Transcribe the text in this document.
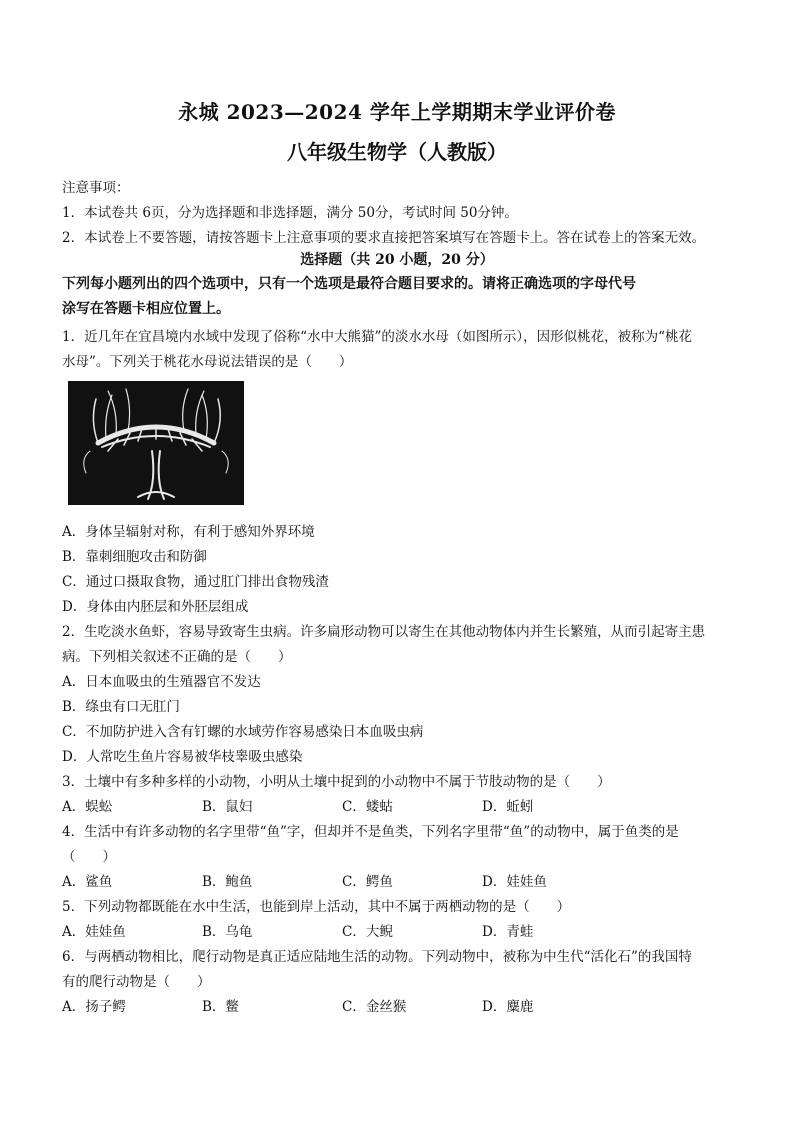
永城 2023—2024 学年上学期期末学业评价卷
八年级生物学（人教版）
注意事项：
1．本试卷共 6页，分为选择题和非选择题，满分 50分，考试时间 50分钟。
2．本试卷上不要答题，请按答题卡上注意事项的要求直接把答案填写在答题卡上。答在试卷上的答案无效。
选择题（共 20 小题，20 分）
下列每小题列出的四个选项中，只有一个选项是最符合题目要求的。请将正确选项的字母代号
涂写在答题卡相应位置上。
1．近几年在宜昌境内水域中发现了俗称“水中大熊猫”的淡水水母（如图所示），因形似桃花，被称为“桃花
水母”。下列关于桃花水母说法错误的是（　　）
A．身体呈辐射对称，有利于感知外界环境
B．靠刺细胞攻击和防御
C．通过口摄取食物，通过肛门排出食物残渣
D．身体由内胚层和外胚层组成
2．生吃淡水鱼虾，容易导致寄生虫病。许多扁形动物可以寄生在其他动物体内并生长繁殖，从而引起寄主患
病。下列相关叙述不正确的是（　　）
A．日本血吸虫的生殖器官不发达
B．绦虫有口无肛门
C．不加防护进入含有钉螺的水域劳作容易感染日本血吸虫病
D．人常吃生鱼片容易被华枝睾吸虫感染
3．土壤中有多种多样的小动物，小明从土壤中捉到的小动物中不属于节肢动物的是（　　）
A．蜈蚣	B．鼠妇	C．蝼蛄	D．蚯蚓
4．生活中有许多动物的名字里带“鱼”字，但却并不是鱼类，下列名字里带“鱼”的动物中，属于鱼类的是
（　　）
A．鲨鱼	B．鲍鱼	C．鳄鱼	D．娃娃鱼
5．下列动物都既能在水中生活，也能到岸上活动，其中不属于两栖动物的是（　　）
A．娃娃鱼	B．乌龟	C．大鲵	D．青蛙
6．与两栖动物相比，爬行动物是真正适应陆地生活的动物。下列动物中，被称为中生代“活化石”的我国特
有的爬行动物是（　　）
A．扬子鳄	B．鳖	C．金丝猴	D．麋鹿
